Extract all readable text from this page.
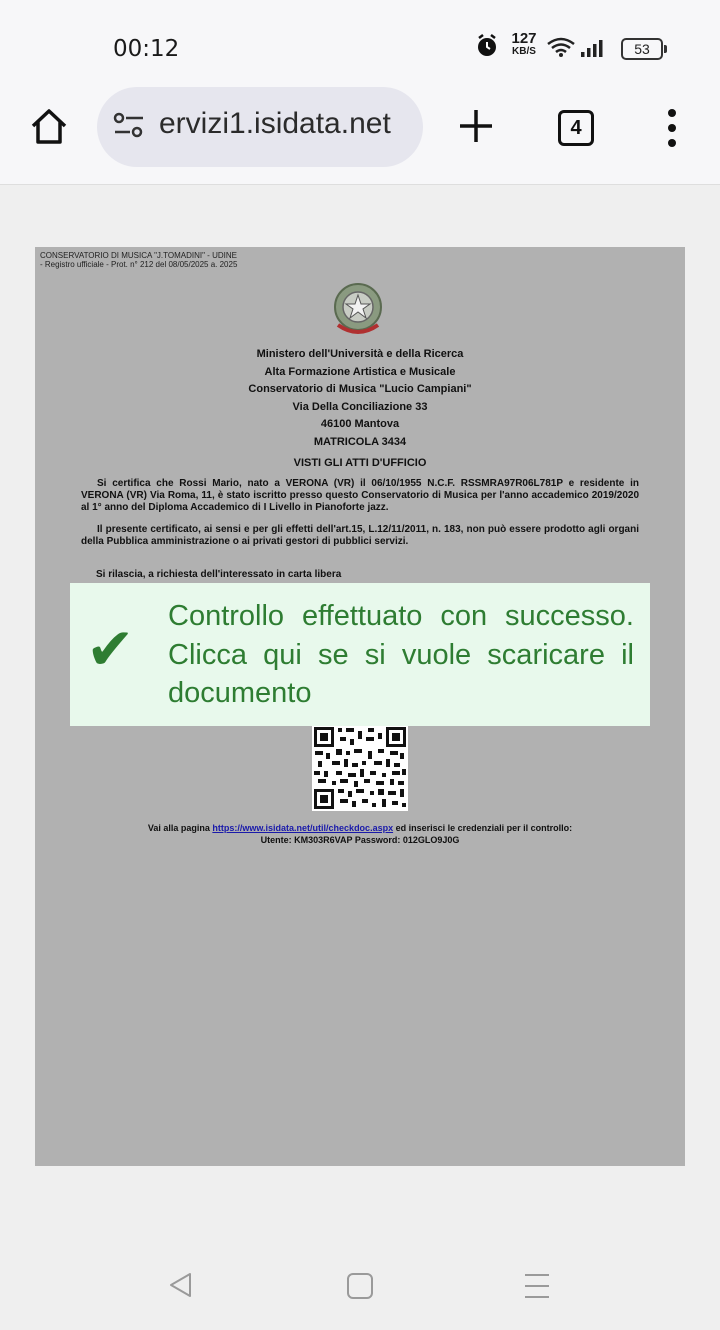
00:12	127
KB/S	53
ervizi1.isidata.net	4
CONSERVATORIO DI MUSICA "J.TOMADINI" - UDINE
- Registro ufficiale - Prot. n° 212 del 08/05/2025 a. 2025
Ministero dell'Università e della Ricerca
Alta Formazione Artistica e Musicale
Conservatorio di Musica "Lucio Campiani"
Via Della Conciliazione 33
46100 Mantova
MATRICOLA 3434
VISTI GLI ATTI D'UFFICIO
Si certifica che Rossi Mario, nato a VERONA (VR) il 06/10/1955 N.C.F. RSSMRA97R06L781P e residente in VERONA (VR) Via Roma, 11, è stato iscritto presso questo Conservatorio di Musica per l'anno accademico 2019/2020 al 1° anno del Diploma Accademico di I Livello in Pianoforte jazz.
Il presente certificato, ai sensi e per gli effetti dell'art.15, L.12/11/2011, n. 183, non può essere prodotto agli organi della Pubblica amministrazione o ai privati gestori di pubblici servizi.
Si rilascia, a richiesta dell'interessato in carta libera
Vai alla pagina https://www.isidata.net/util/checkdoc.aspx ed inserisci le credenziali per il controllo:
Utente: KM303R6VAP Password: 012GLO9J0G
✔ Controllo effettuato con successo. Clicca qui se si vuole scaricare il documento
